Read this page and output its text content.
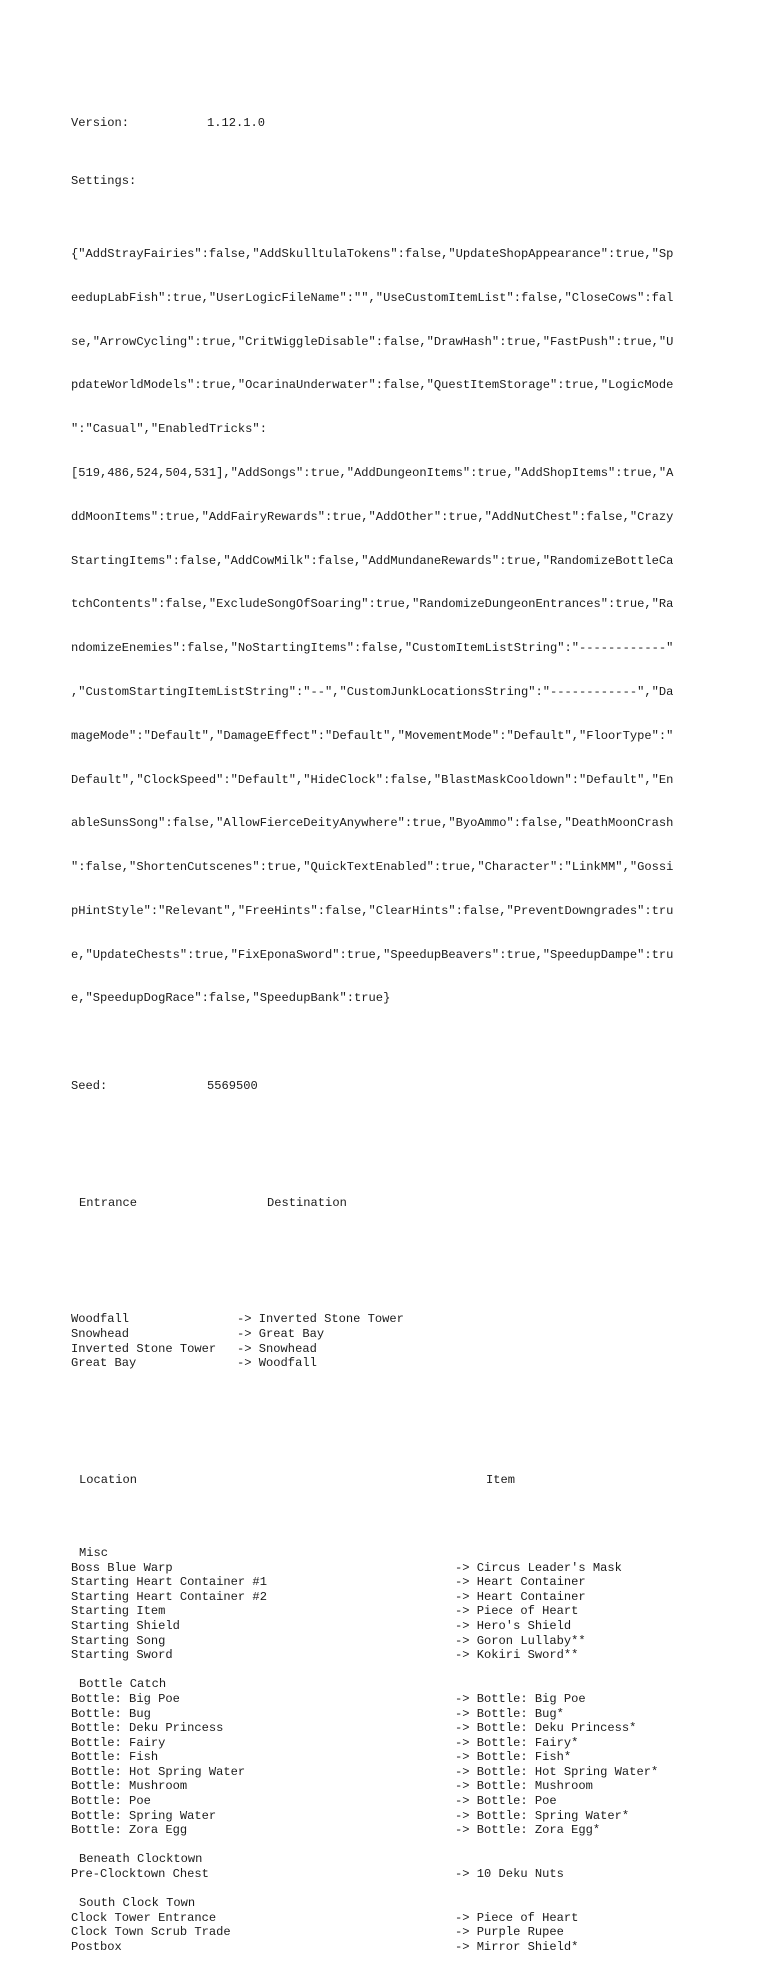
Version:	1.12.1.0

Settings:

{"AddStrayFairies":false,"AddSkulltulaTokens":false,"UpdateShopAppearance":true,"Sp

eedupLabFish":true,"UserLogicFileName":"","UseCustomItemList":false,"CloseCows":fal

se,"ArrowCycling":true,"CritWiggleDisable":false,"DrawHash":true,"FastPush":true,"U

pdateWorldModels":true,"OcarinaUnderwater":false,"QuestItemStorage":true,"LogicMode

":"Casual","EnabledTricks":

[519,486,524,504,531],"AddSongs":true,"AddDungeonItems":true,"AddShopItems":true,"A

ddMoonItems":true,"AddFairyRewards":true,"AddOther":true,"AddNutChest":false,"Crazy

StartingItems":false,"AddCowMilk":false,"AddMundaneRewards":true,"RandomizeBottleCa

tchContents":false,"ExcludeSongOfSoaring":true,"RandomizeDungeonEntrances":true,"Ra

ndomizeEnemies":false,"NoStartingItems":false,"CustomItemListString":"------------"

,"CustomStartingItemListString":"--","CustomJunkLocationsString":"------------","Da

mageMode":"Default","DamageEffect":"Default","MovementMode":"Default","FloorType":"

Default","ClockSpeed":"Default","HideClock":false,"BlastMaskCooldown":"Default","En

ableSunsSong":false,"AllowFierceDeityAnywhere":true,"ByoAmmo":false,"DeathMoonCrash

":false,"ShortenCutscenes":true,"QuickTextEnabled":true,"Character":"LinkMM","Gossi

pHintStyle":"Relevant","FreeHints":false,"ClearHints":false,"PreventDowngrades":tru

e,"UpdateChests":true,"FixEponaSword":true,"SpeedupBeavers":true,"SpeedupDampe":tru

e,"SpeedupDogRace":false,"SpeedupBank":true}

Seed:	5569500

Entrance	Destination

Woodfall	-> Inverted Stone Tower
Snowhead	-> Great Bay
Inverted Stone Tower -> Snowhead
Great Bay	-> Woodfall

Location	Item

Misc
Boss Blue Warp	-> Circus Leader's Mask
Starting Heart Container #1	-> Heart Container
Starting Heart Container #2	-> Heart Container
Starting Item	-> Piece of Heart
Starting Shield	-> Hero's Shield
Starting Song	-> Goron Lullaby**
Starting Sword	-> Kokiri Sword**
Bottle Catch
Bottle: Big Poe	-> Bottle: Big Poe
Bottle: Bug	-> Bottle: Bug*
Bottle: Deku Princess	-> Bottle: Deku Princess*
Bottle: Fairy	-> Bottle: Fairy*
Bottle: Fish	-> Bottle: Fish*
Bottle: Hot Spring Water	-> Bottle: Hot Spring Water*
Bottle: Mushroom	-> Bottle: Mushroom
Bottle: Poe	-> Bottle: Poe
Bottle: Spring Water	-> Bottle: Spring Water*
Bottle: Zora Egg	-> Bottle: Zora Egg*
Beneath Clocktown
Pre-Clocktown Chest	-> 10 Deku Nuts
South Clock Town
Clock Tower Entrance	-> Piece of Heart
Clock Town Scrub Trade	-> Purple Rupee
Postbox	-> Mirror Shield*
